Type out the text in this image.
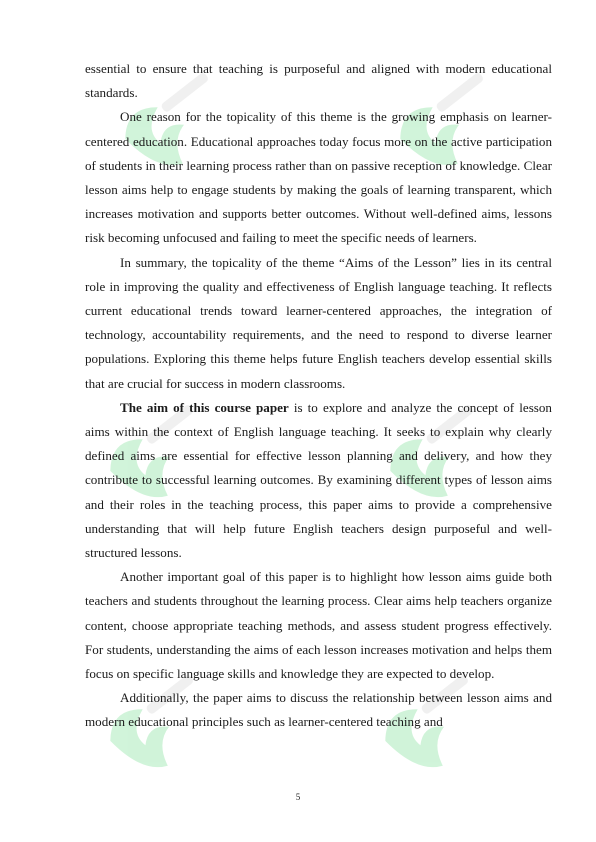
essential to ensure that teaching is purposeful and aligned with modern educational standards.

One reason for the topicality of this theme is the growing emphasis on learner-centered education. Educational approaches today focus more on the active participation of students in their learning process rather than on passive reception of knowledge. Clear lesson aims help to engage students by making the goals of learning transparent, which increases motivation and supports better outcomes. Without well-defined aims, lessons risk becoming unfocused and failing to meet the specific needs of learners.

In summary, the topicality of the theme “Aims of the Lesson” lies in its central role in improving the quality and effectiveness of English language teaching. It reflects current educational trends toward learner-centered approaches, the integration of technology, accountability requirements, and the need to respond to diverse learner populations. Exploring this theme helps future English teachers develop essential skills that are crucial for success in modern classrooms.

The aim of this course paper is to explore and analyze the concept of lesson aims within the context of English language teaching. It seeks to explain why clearly defined aims are essential for effective lesson planning and delivery, and how they contribute to successful learning outcomes. By examining different types of lesson aims and their roles in the teaching process, this paper aims to provide a comprehensive understanding that will help future English teachers design purposeful and well-structured lessons.

Another important goal of this paper is to highlight how lesson aims guide both teachers and students throughout the learning process. Clear aims help teachers organize content, choose appropriate teaching methods, and assess student progress effectively. For students, understanding the aims of each lesson increases motivation and helps them focus on specific language skills and knowledge they are expected to develop.

Additionally, the paper aims to discuss the relationship between lesson aims and modern educational principles such as learner-centered teaching and

5
